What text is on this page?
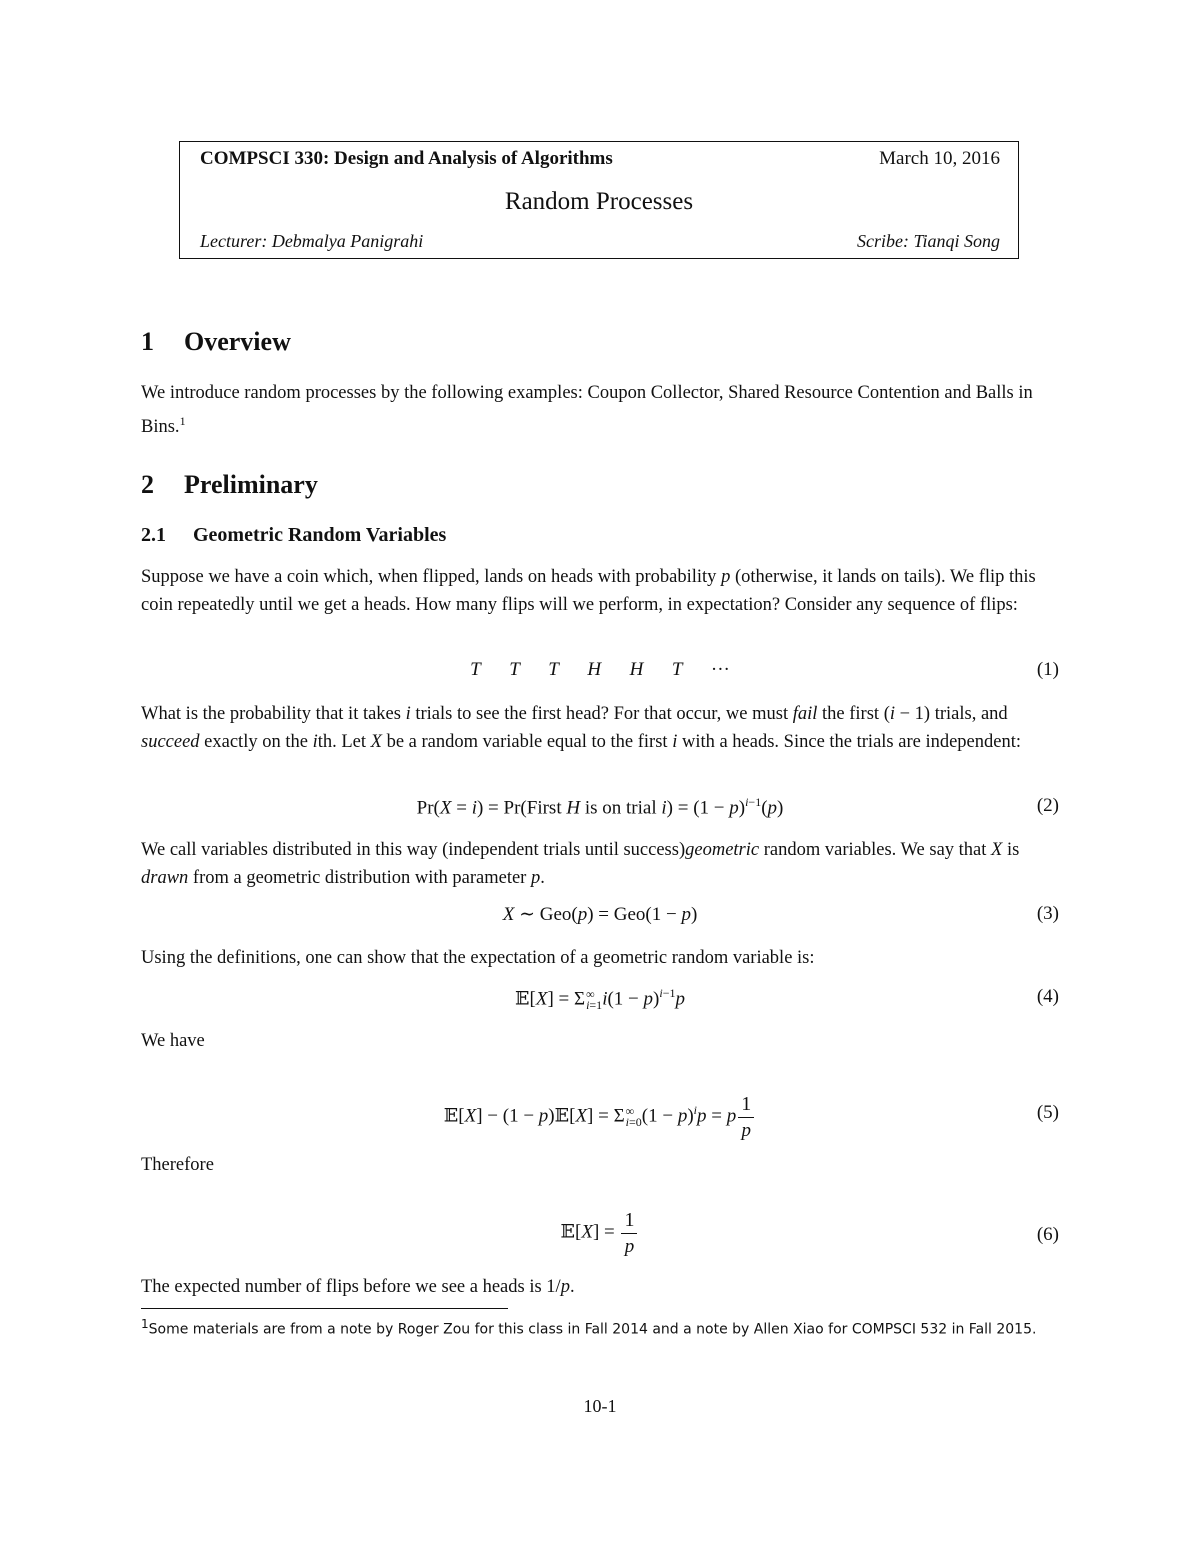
COMPSCI 330: Design and Analysis of Algorithms	March 10, 2016
Random Processes
Lecturer: Debmalya Panigrahi	Scribe: Tianqi Song
1 Overview
We introduce random processes by the following examples: Coupon Collector, Shared Resource Contention and Balls in Bins.$^1$
2 Preliminary
2.1 Geometric Random Variables
Suppose we have a coin which, when flipped, lands on heads with probability p (otherwise, it lands on tails). We flip this coin repeatedly until we get a heads. How many flips will we perform, in expectation? Consider any sequence of flips:
T T T H H T ···	(1)
What is the probability that it takes i trials to see the first head? For that occur, we must fail the first (i − 1) trials, and succeed exactly on the ith. Let X be a random variable equal to the first i with a heads. Since the trials are independent:
Pr(X = i) = Pr(First H is on trial $i) = (1 - p)^{i-1}(p)$	(2)
We call variables distributed in this way (independent trials until success)geometric random variables. We say that X is drawn from a geometric distribution with parameter p.
X ∼ Geo(p) = Geo(1 − p)	(3)
Using the definitions, one can show that the expectation of a geometric random variable is:
𝔼[X] = Σ ∞
i=1 $i(1 - p)^{i-1}p$	(4)
We have
𝔼[X] − (1 − p)𝔼[X] = Σ ∞
i=0 $(1 - p)^ip = p \frac{1}{p}$	(5)
Therefore
𝔼[X] = $\frac{1}{p}$	(6)
The expected number of flips before we see a heads is 1/p.
$^1$Some materials are from a note by Roger Zou for this class in Fall 2014 and a note by Allen Xiao for COMPSCI 532 in Fall 2015.
10-1
